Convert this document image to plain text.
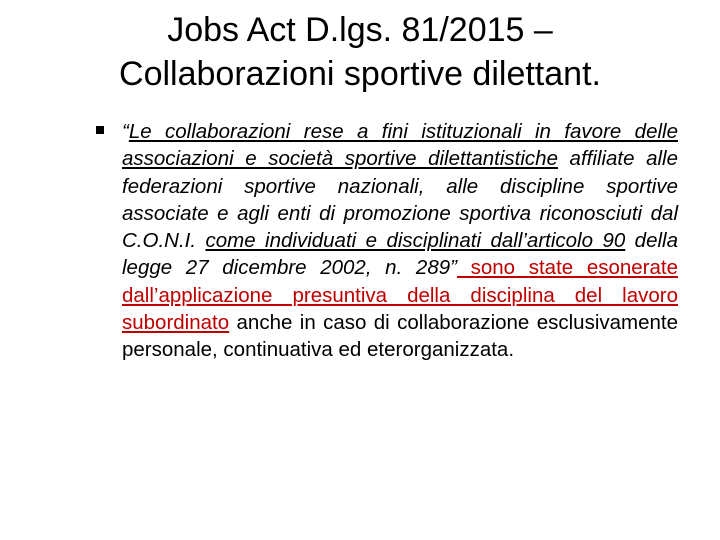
Jobs Act D.lgs. 81/2015 –
Collaborazioni sportive dilettant.
“Le collaborazioni rese a fini istituzionali in favore delle associazioni e società sportive dilettantistiche affiliate alle federazioni sportive nazionali, alle discipline sportive associate e agli enti di promozione sportiva riconosciuti dal C.O.N.I. come individuati e disciplinati dall’articolo 90 della legge 27 dicembre 2002, n. 289” sono state esonerate dall’applicazione presuntiva della disciplina del lavoro subordinato anche in caso di collaborazione esclusivamente personale, continuativa ed eterorganizzata.
